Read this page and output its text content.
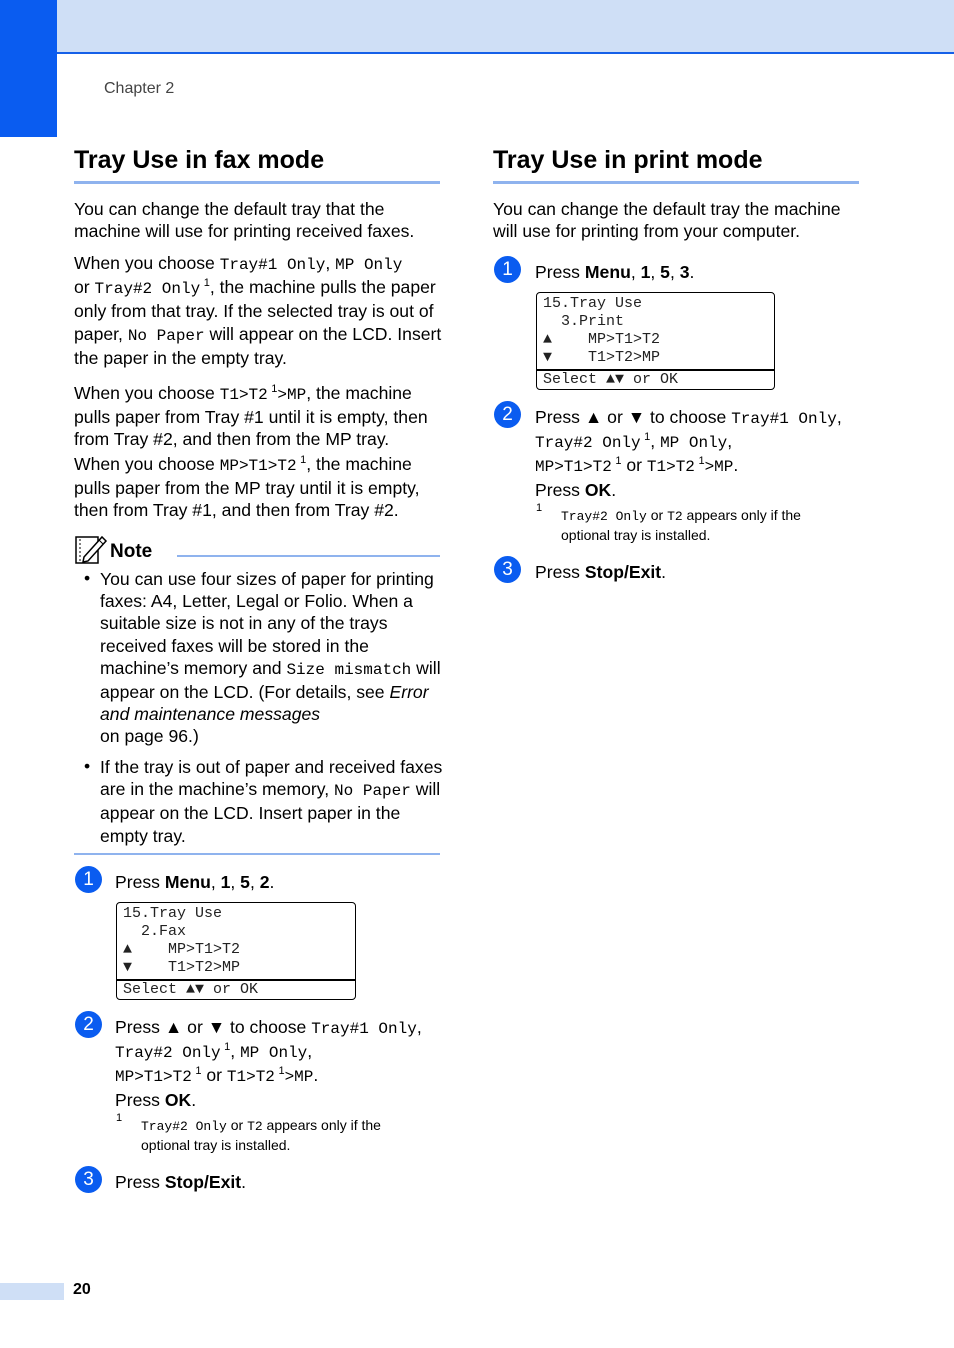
Chapter 2
Tray Use in fax mode
You can change the default tray that the machine will use for printing received faxes.
When you choose Tray#1 Only, MP Only
or Tray#2 Only  $^1$, the machine pulls the paper only from that tray. If the selected tray is out of paper, No Paper will appear on the LCD. Insert the paper in the empty tray.
When you choose T1>T2  $^1$>MP, the machine pulls paper from Tray #1 until it is empty, then from Tray #2, and then from the MP tray.
When you choose MP>T1>T2  $^1$, the machine pulls paper from the MP tray until it is empty, then from Tray #1, and then from Tray #2.
Note
• You can use four sizes of paper for printing faxes: A4, Letter, Legal or Folio. When a suitable size is not in any of the trays received faxes will be stored in the machine’s memory and Size mismatch will appear on the LCD. (For details, see Error and maintenance messages
on page 96.)
• If the tray is out of paper and received faxes are in the machine’s memory, No Paper will appear on the LCD. Insert paper in the empty tray.
1	Press Menu, 1, 5, 2.
15.Tray Use
2.Fax
▲    MP>T1>T2
▼    T1>T2>MP
Select ▲▼ or OK
2	Press ▲ or ▼ to choose Tray#1 Only,
Tray#2 Only  $^1$, MP Only,
MP>T1>T2  $^1$ or T1>T2  $^1$>MP.
Press OK.
1
Tray#2 Only or T2 appears only if the optional tray is installed.
3	Press Stop/Exit.
Tray Use in print mode
You can change the default tray the machine will use for printing from your computer.
1	Press Menu, 1, 5, 3.
15.Tray Use
3.Print
▲    MP>T1>T2
▼    T1>T2>MP
Select ▲▼ or OK
2	Press ▲ or ▼ to choose Tray#1 Only,
Tray#2 Only  $^1$, MP Only,
MP>T1>T2  $^1$ or T1>T2  $^1$>MP.
Press OK.
1
Tray#2 Only or T2 appears only if the optional tray is installed.
3	Press Stop/Exit.
20
